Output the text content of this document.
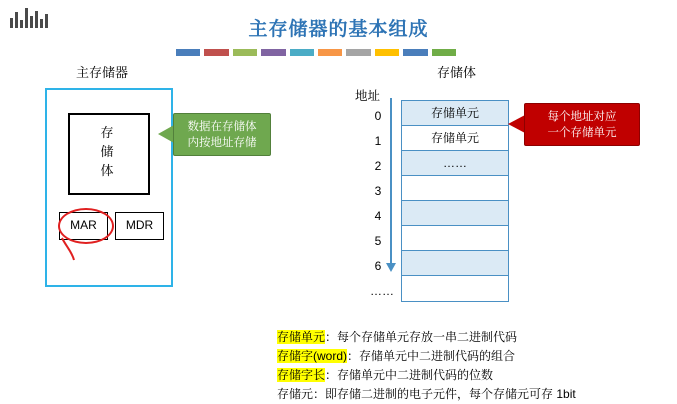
主存储器的基本组成
主存储器
存储体
MAR	MDR
数据在存储体
内按地址存储
地址
存储体
0
1
2
3
4
5
6
……
存储单元
存储单元
……
每个地址对应
一个存储单元
存储单元：每个存储单元存放一串二进制代码
存储字(word)：存储单元中二进制代码的组合
存储字长：存储单元中二进制代码的位数
存储元：即存储二进制的电子元件，每个存储元可存 1bit
